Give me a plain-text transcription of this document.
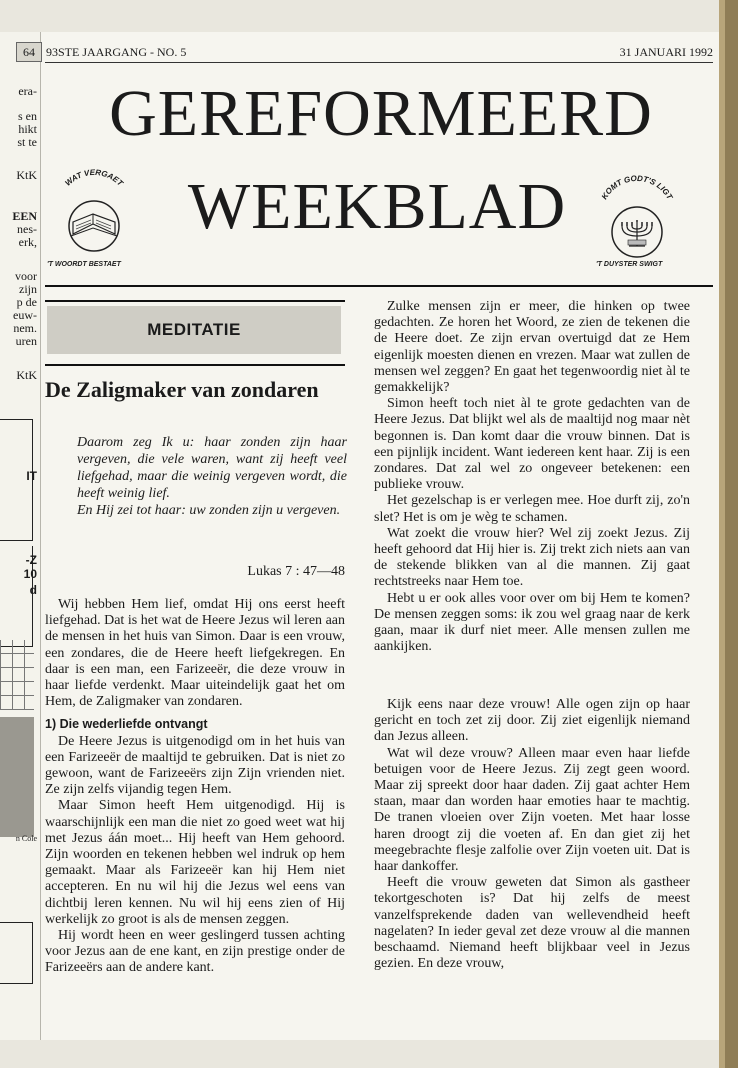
era-
s en
hikt
st te
KtK
EEN
nes-
erk,
voor
zijn
p de
euw-
nem.
uren
KtK
IT
-Z
10
d
n Cole
64 93STE JAARGANG - NO. 5	31 JANUARI 1992
GEREFORMEERD
WEEKBLAD
WAT VERGAET
'T WOORDT BESTAET
KOMT GODT'S LIGT
'T DUYSTER SWIGT
MEDITATIE
De Zaligmaker van zondaren

Daarom zeg Ik u: haar zonden zijn haar vergeven, die vele waren, want zij heeft veel liefgehad, maar die weinig vergeven wordt, die heeft weinig lief.

En Hij zei tot haar: uw zonden zijn u vergeven.

Lukas 7 : 47—48

Wij hebben Hem lief, omdat Hij ons eerst heeft liefgehad. Dat is het wat de Heere Jezus wil leren aan de mensen in het huis van Simon. Daar is een vrouw, een zondares, die de Heere heeft liefgekregen. En daar is een man, een Farizeeër, die deze vrouw in haar liefde verdenkt. Maar uiteindelijk gaat het om Hem, de Zaligmaker van zondaren.

1) Die wederliefde ontvangt

De Heere Jezus is uitgenodigd om in het huis van een Farizeeër de maaltijd te gebruiken. Dat is niet zo gewoon, want de Farizeeërs zijn Zijn vrienden niet. Ze zijn zelfs vijandig tegen Hem.

Maar Simon heeft Hem uitgenodigd. Hij is waarschijnlijk een man die niet zo goed weet wat hij met Jezus áán moet... Hij heeft van Hem gehoord. Zijn woorden en tekenen hebben wel indruk op hem gemaakt. Maar als Farizeeër kan hij Hem niet accepteren. En nu wil hij die Jezus wel eens van dichtbij leren kennen. Nu wil hij eens zien of Hij werkelijk zo groot is als de mensen zeggen.

Hij wordt heen en weer geslingerd tussen achting voor Jezus aan de ene kant, en zijn prestige onder de Farizeeërs aan de andere kant.

Zulke mensen zijn er meer, die hinken op twee gedachten. Ze horen het Woord, ze zien de tekenen die de Heere doet. Ze zijn ervan overtuigd dat ze Hem eigenlijk moesten dienen en vrezen. Maar wat zullen de mensen wel zeggen? En gaat het tegenwoordig niet àl te gemakkelijk?

Simon heeft toch niet àl te grote gedachten van de Heere Jezus. Dat blijkt wel als de maaltijd nog maar nèt begonnen is. Dan komt daar die vrouw binnen. Dat is een pijnlijk incident. Want iedereen kent haar. Zij is een zondares. Dat zal wel zo ongeveer betekenen: een publieke vrouw.

Het gezelschap is er verlegen mee. Hoe durft zij, zo'n slet? Het is om je wèg te schamen.

Wat zoekt die vrouw hier? Wel zij zoekt Jezus. Zij heeft gehoord dat Hij hier is. Zij trekt zich niets aan van de stekende blikken van al die mannen. Zij gaat rechtstreeks naar Hem toe.

Hebt u er ook alles voor over om bij Hem te komen? De mensen zeggen soms: ik zou wel graag naar de kerk gaan, maar ik durf niet meer. Alle mensen zullen me aankijken.

Kijk eens naar deze vrouw! Alle ogen zijn op haar gericht en toch zet zij door. Zij ziet eigenlijk niemand dan Jezus alleen.

Wat wil deze vrouw? Alleen maar even haar liefde betuigen voor de Heere Jezus. Zij zegt geen woord. Maar zij spreekt door haar daden. Zij gaat achter Hem staan, maar dan worden haar emoties haar te machtig. De tranen vloeien over Zijn voeten. Met haar losse haren droogt zij die voeten af. En dan giet zij het meegebrachte flesje zalfolie over Zijn voeten uit. Dat is haar dankoffer.

Heeft die vrouw geweten dat Simon als gastheer tekortgeschoten is? Dat hij zelfs de meest vanzelfsprekende daden van wellevendheid heeft nagelaten? In ieder geval zet deze vrouw al die mannen beschaamd. Niemand heeft blijkbaar veel in Jezus gezien. En deze vrouw,
